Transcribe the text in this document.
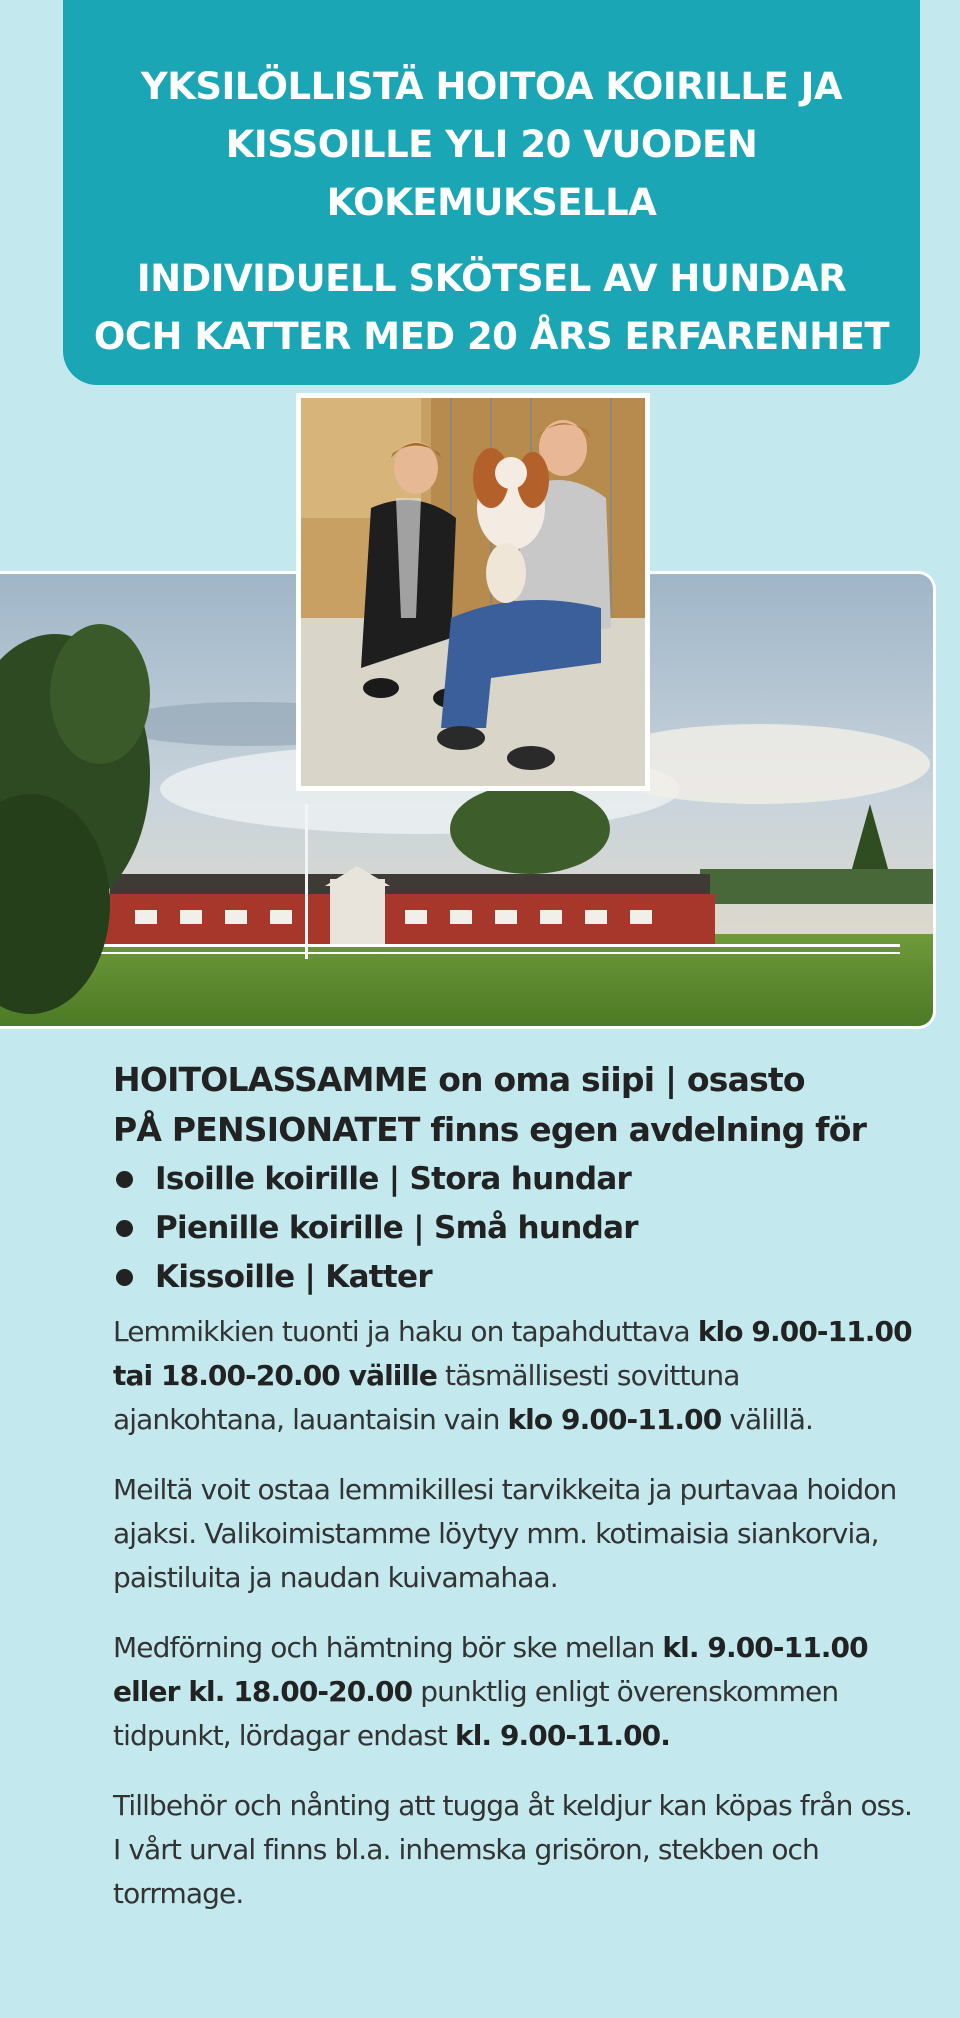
YKSILÖLLISTÄ HOITOA KOIRILLE JA
KISSOILLE YLI 20 VUODEN
KOKEMUKSELLA
INDIVIDUELL SKÖTSEL AV HUNDAR
OCH KATTER MED 20 ÅRS ERFARENHET
HOITOLASSAMME on oma siipi | osasto
PÅ PENSIONATET finns egen avdelning för
Isoille koirille | Stora hundar
Pienille koirille | Små hundar
Kissoille | Katter

Lemmikkien tuonti ja haku on tapahduttava klo 9.00-11.00 tai 18.00-20.00 välille täsmällisesti sovittuna ajankohtana, lauantaisin vain klo 9.00-11.00 välillä.

Meiltä voit ostaa lemmikillesi tarvikkeita ja purtavaa hoidon ajaksi. Valikoimistamme löytyy mm. kotimaisia siankorvia, paistiluita ja naudan kuivamahaa.

Medförning och hämtning bör ske mellan kl. 9.00-11.00 eller kl. 18.00-20.00 punktlig enligt överenskommen tidpunkt, lördagar endast kl. 9.00-11.00.

Tillbehör och nånting att tugga åt keldjur kan köpas från oss. I vårt urval finns bl.a. inhemska grisöron, stekben och torrmage.
